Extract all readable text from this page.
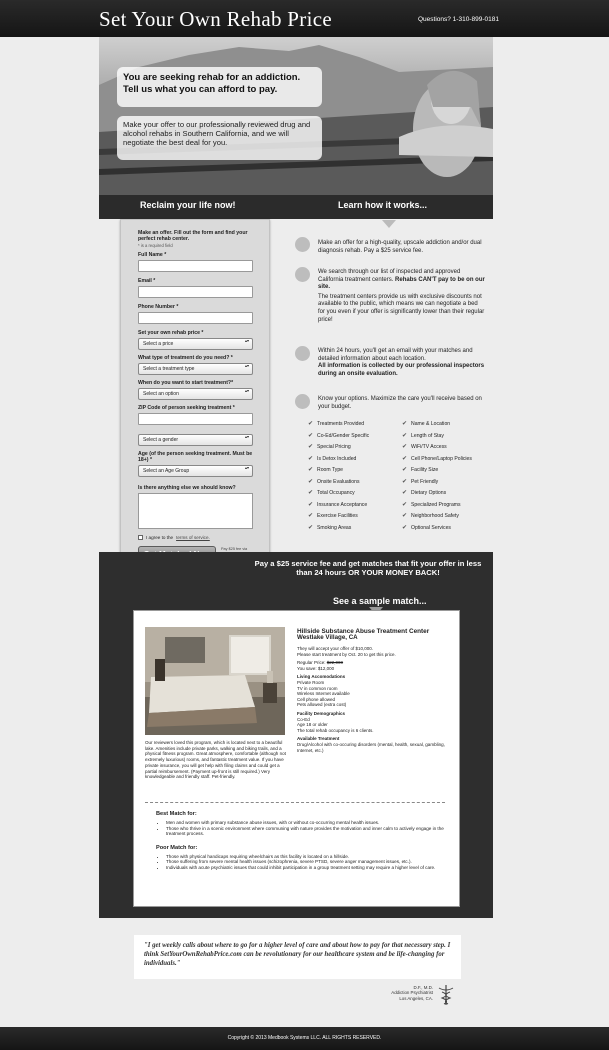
Set Your Own Rehab Price	Questions? 1-310-899-0181
You are seeking rehab for an addiction. Tell us what you can afford to pay.
Make your offer to our professionally reviewed drug and alcohol rehabs in Southern California, and we will negotiate the best deal for you.
Reclaim your life now!	Learn how it works...
Make an offer. Fill out the form and find your perfect rehab center.
* is a required field
Full Name *
Email *
Phone Number *
Set your own rehab price *
Select a price ▴▾
What type of treatment do you need? *
Select a treatment type ▴▾
When do you want to start treatment?*
Select an option ▴▾
ZIP Code of person seeking treatment *
Select a gender ▴▾
Age (of the person seeking treatment. Must be 18+) *
Select an Age Group ▴▾
Is there anything else we should know?
I agree to the terms of service.
Pay $25 fee via
Make an offer for a high-quality, upscale addiction and/or dual diagnosis rehab. Pay a $25 service fee.
We search through our list of inspected and approved California treatment centers. Rehabs CAN'T pay to be on our site.
The treatment centers provide us with exclusive discounts not available to the public, which means we can negotiate a bed for you even if your offer is significantly lower than their regular price!
Within 24 hours, you'll get an email with your matches and detailed information about each location.
All information is collected by our professional inspectors during an onsite evaluation.
Know your options. Maximize the care you'll receive based on your budget.
✔ Treatments Provided
✔ Co-Ed/Gender Specific
✔ Special Pricing
✔ Is Detox Included
✔ Room Type
✔ Onsite Evaluations
✔ Total Occupancy
✔ Insurance Acceptance
✔ Exercise Facilities
✔ Smoking Areas
✔ Name & Location
✔ Length of Stay
✔ WiFi/TV Access
✔ Cell Phone/Laptop Policies
✔ Facility Size
✔ Pet Friendly
✔ Dietary Options
✔ Specialized Programs
✔ Neighborhood Safety
✔ Optional Services
Pay a $25 service fee and get matches that fit your offer in less than 24 hours OR YOUR MONEY BACK!
See a sample match...
Hillside Substance Abuse Treatment Center
Westlake Village, CA
They will accept your offer of $10,000.
Please start treatment by Oct. 20 to get this price.
Regular Price: $22,000
You save: $12,000
Living Accomodations
Private Room
TV in common room
Wireless Internet available
Cell phone allowed
Pets allowed (extra cost)
Facility Demographics
Co-Ed
Age 18 or older
The total rehab occupancy is 6 clients.
Available Treatment
Drug/Alcohol with co-occuring disorders (mental, health, sexual, gambling, Internet, etc.)
Our reviewers loved this program, which is located next to a beautiful lake. Amenities include private parks, walking and biking trails, and a physical fitness program. Great atmosphere, comfortable (although not extremely luxurious) rooms, and fantastic treatment value. If you have private insurance, you will get help with filing claims and could get a partial reimbursement. (Payment up-front is still required.) Very knowledgeable and friendly staff. Pet-friendly.
Best Match for:
• Men and women with primary substance abuse issues, with or without co-occurring mental health issues.
• Those who thrive in a scenic environment where communing with nature provides the motivation and inner calm to actively engage in the treatment process.
Poor Match for:
• Those with physical handicaps requiring wheelchairs as this facility is located on a hillside.
• Those suffering from severe mental health issues (schizophrenia, severe PTSD, severe anger management issues, etc.).
• Individuals with acute psychiatric issues that could inhibit participation in a group treatment setting may require a higher level of care.
"I get weekly calls about where to go for a higher level of care and about how to pay for that necessary step. I think SetYourOwnRehabPrice.com can be revolutionary for our healthcare system and be life-changing for individuals."
D.F., M.D.
Addiction Psychiatrist
Los Angeles, CA.
Copyright © 2013 Medbook Systems LLC. ALL RIGHTS RESERVED.
